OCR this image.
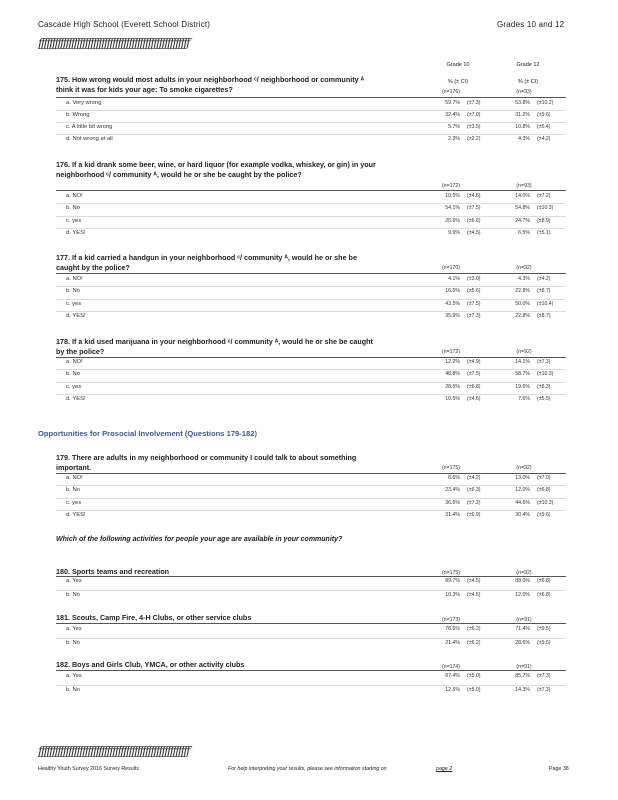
Cascade High School (Everett School District)	Grades 10 and 12
ƒƒƒƒƒƒƒƒƒƒƒƒƒƒƒƒƒƒƒƒƒƒƒƒƒƒƒƒƒƒƒƒƒƒƒƒƒƒƒƒƒƒƒƒƒƒƒƒƒƒƒƒƒƒƒ
Grade 10	Grade 12
% (± CI)	% (± CI)
175. How wrong would most adults in your neighborhood ᶜ/ neighborhood or community ᴬ think it was for kids your age: To smoke cigarettes?	(n=176)	(n=93)
a. Very wrong	59.7% (±7.3)	53.8% (±10.2)
b. Wrong	32.4% (±7.0)	31.2% (±9.6)
c. A little bit wrong	5.7% (±3.5)	10.8% (±6.4)
d. Not wrong at all	2.3% (±2.2)	4.3% (±4.2)
176. If a kid drank some beer, wine, or hard liquor (for example vodka, whiskey, or gin) in your neighborhood ᶜ/ community ᴬ, would he or she be caught by the police?
(n=172)	(n=93)
a. NO!	10.5% (±4.6)	14.0% (±7.2)
b. No	54.1% (±7.5)	54.8% (±10.3)
c. yes	25.6% (±6.6)	24.7% (±8.9)
d. YES!	9.9% (±4.5)	6.5% (±5.1)
177. If a kid carried a handgun in your neighborhood ᶜ/ community ᴬ, would he or she be caught by the police?	(n=170)	(n=92)
a. NO!	4.1% (±3.0)	4.3% (±4.2)
b. No	16.5% (±5.6)	22.8% (±8.7)
c. yes	43.5% (±7.5)	50.0% (±10.4)
d. YES!	35.9% (±7.3)	22.8% (±8.7)
178. If a kid used marijuana in your neighborhood ᶜ/ community ᴬ, would he or she be caught by the police?	(n=172)	(n=92)
a. NO!	12.2% (±4.9)	14.1% (±7.3)
b. No	48.8% (±7.5)	58.7% (±10.3)
c. yes	28.5% (±6.8)	19.6% (±8.3)
d. YES!	10.5% (±4.6)	7.6% (±5.5)
179. There are adults in my neighborhood or community I could talk to about something important.	(n=175)	(n=92)
a. NO!	8.6% (±4.2)	13.0% (±7.0)
b. No	23.4% (±6.3)	12.0% (±6.8)
c. yes	36.6% (±7.2)	44.6% (±10.3)
d. YES!	31.4% (±6.9)	30.4% (±9.6)
180. Sports teams and recreation	(n=175)	(n=92)
a. Yes	89.7% (±4.5)	88.0% (±6.8)
b. No	10.3% (±4.5)	12.0% (±6.8)
181. Scouts, Camp Fire, 4-H Clubs, or other service clubs	(n=173)	(n=91)
a. Yes	78.6% (±6.2)	71.4% (±9.5)
b. No	21.4% (±6.2)	28.6% (±9.5)
182. Boys and Girls Club, YMCA, or other activity clubs	(n=174)	(n=91)
a. Yes	87.4% (±5.0)	85.7% (±7.3)
b. No	12.6% (±5.0)	14.3% (±7.3)
Opportunities for Prosocial Involvement (Questions 179-182)
Which of the following activities for people your age are available in your community?
ƒƒƒƒƒƒƒƒƒƒƒƒƒƒƒƒƒƒƒƒƒƒƒƒƒƒƒƒƒƒƒƒƒƒƒƒƒƒƒƒƒƒƒƒƒƒƒƒƒƒƒƒƒƒƒ
Healthy Youth Survey 2016 Survey Results	For help interpreting your results, please see information starting on	page 2	Page 38
